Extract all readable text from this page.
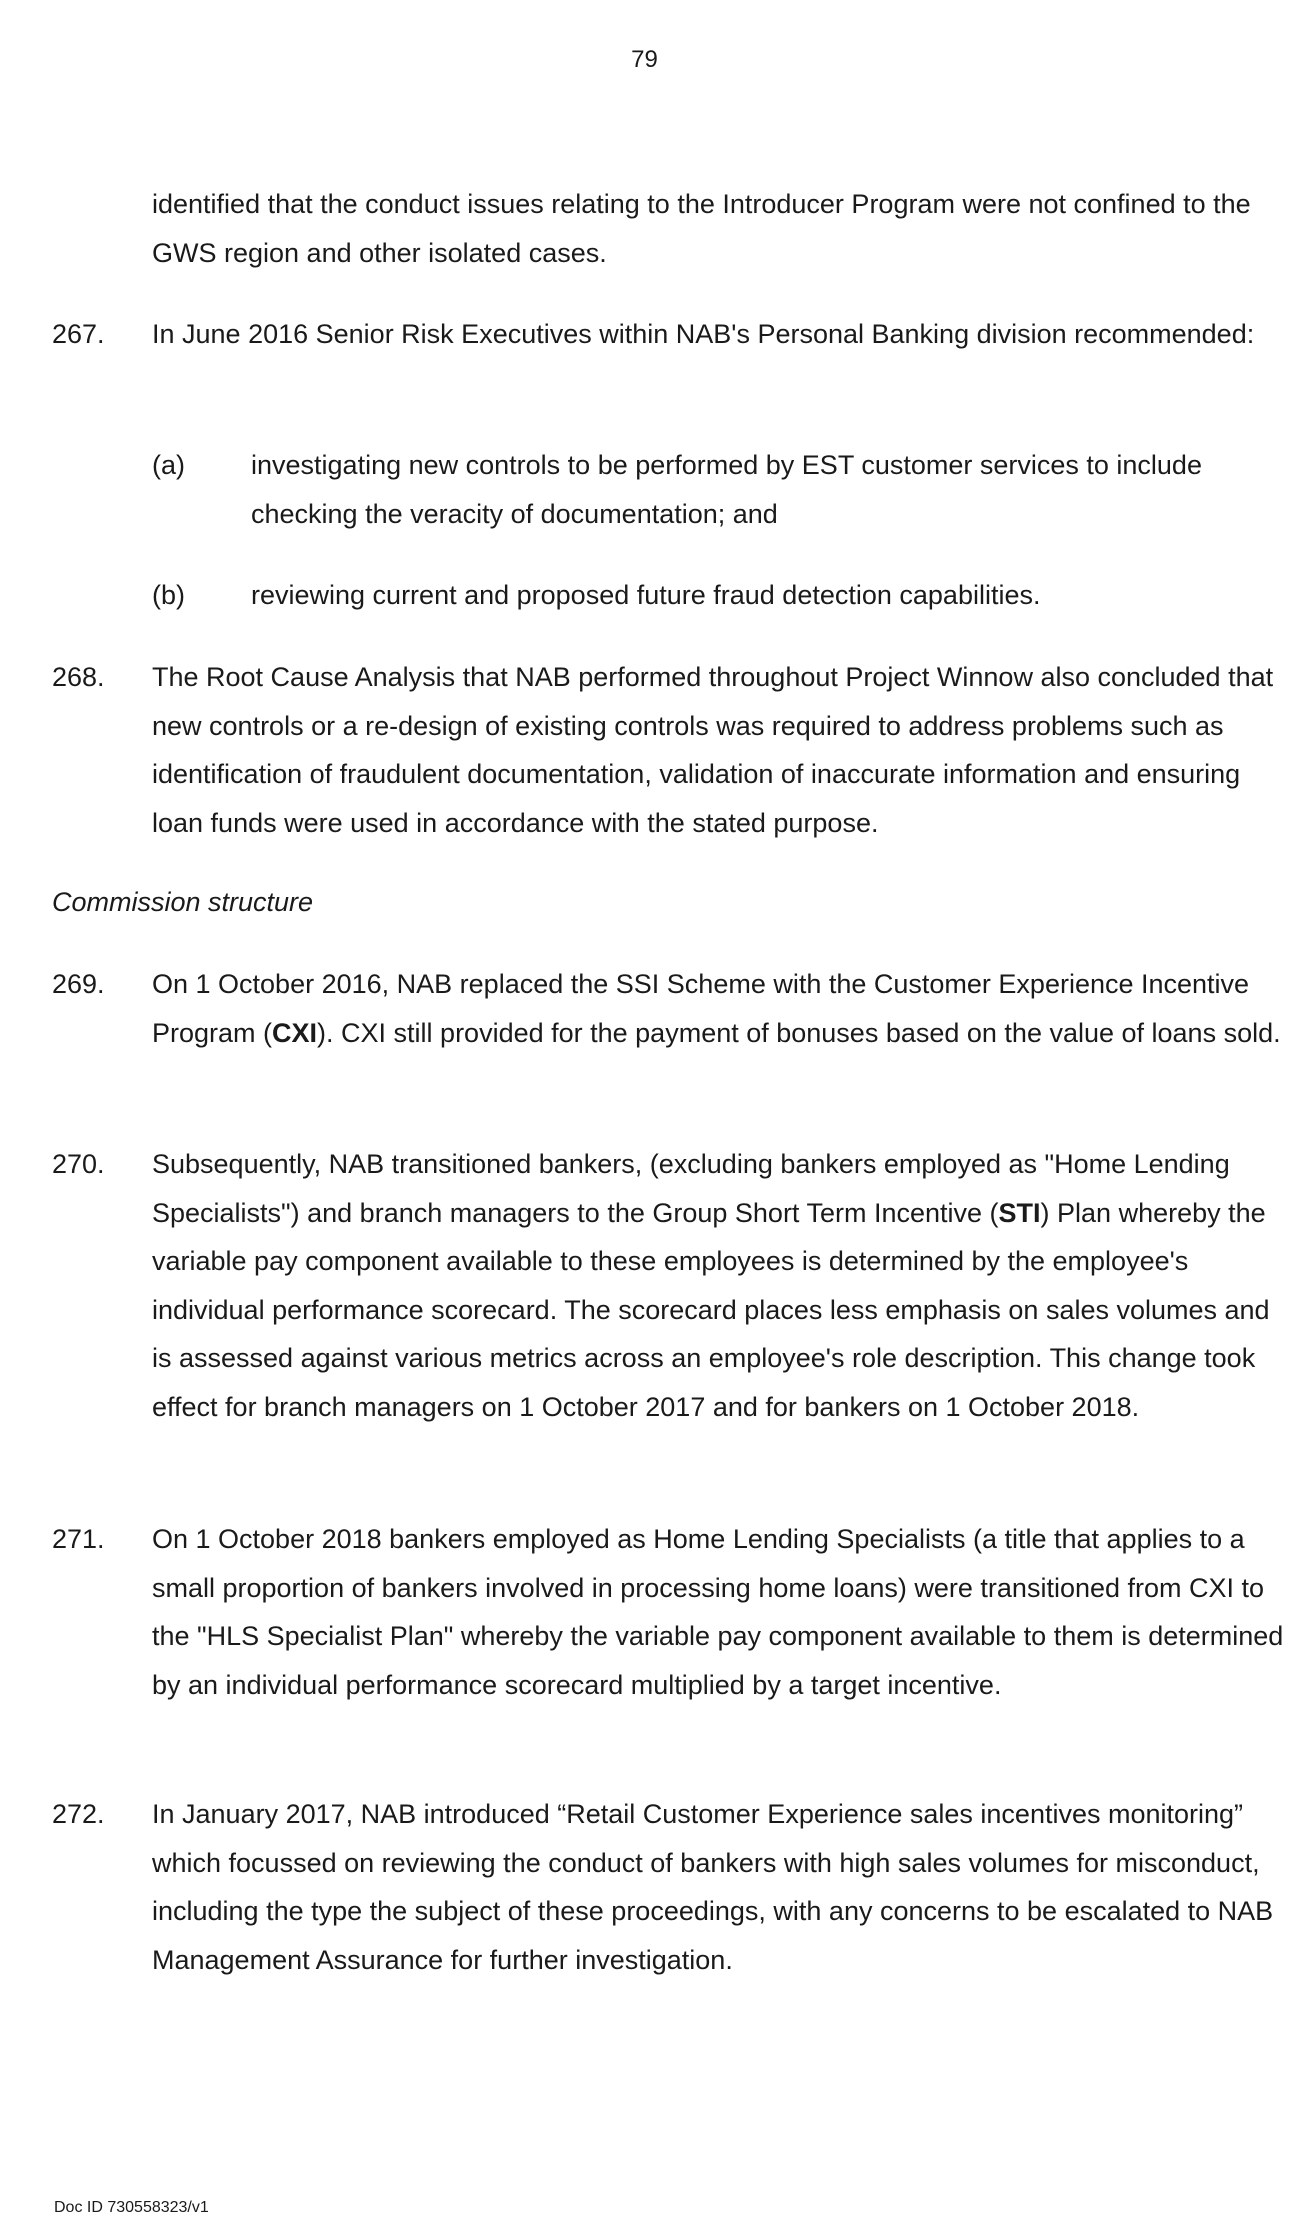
79
identified that the conduct issues relating to the Introducer Program were not confined to the GWS region and other isolated cases.
267. In June 2016 Senior Risk Executives within NAB's Personal Banking division recommended:
(a) investigating new controls to be performed by EST customer services to include checking the veracity of documentation; and
(b) reviewing current and proposed future fraud detection capabilities.
268. The Root Cause Analysis that NAB performed throughout Project Winnow also concluded that new controls or a re-design of existing controls was required to address problems such as identification of fraudulent documentation, validation of inaccurate information and ensuring loan funds were used in accordance with the stated purpose.
Commission structure
269. On 1 October 2016, NAB replaced the SSI Scheme with the Customer Experience Incentive Program (CXI). CXI still provided for the payment of bonuses based on the value of loans sold.
270. Subsequently, NAB transitioned bankers, (excluding bankers employed as "Home Lending Specialists") and branch managers to the Group Short Term Incentive (STI) Plan whereby the variable pay component available to these employees is determined by the employee's individual performance scorecard. The scorecard places less emphasis on sales volumes and is assessed against various metrics across an employee's role description. This change took effect for branch managers on 1 October 2017 and for bankers on 1 October 2018.
271. On 1 October 2018 bankers employed as Home Lending Specialists (a title that applies to a small proportion of bankers involved in processing home loans) were transitioned from CXI to the "HLS Specialist Plan" whereby the variable pay component available to them is determined by an individual performance scorecard multiplied by a target incentive.
272. In January 2017, NAB introduced “Retail Customer Experience sales incentives monitoring” which focussed on reviewing the conduct of bankers with high sales volumes for misconduct, including the type the subject of these proceedings, with any concerns to be escalated to NAB Management Assurance for further investigation.
Doc ID 730558323/v1
